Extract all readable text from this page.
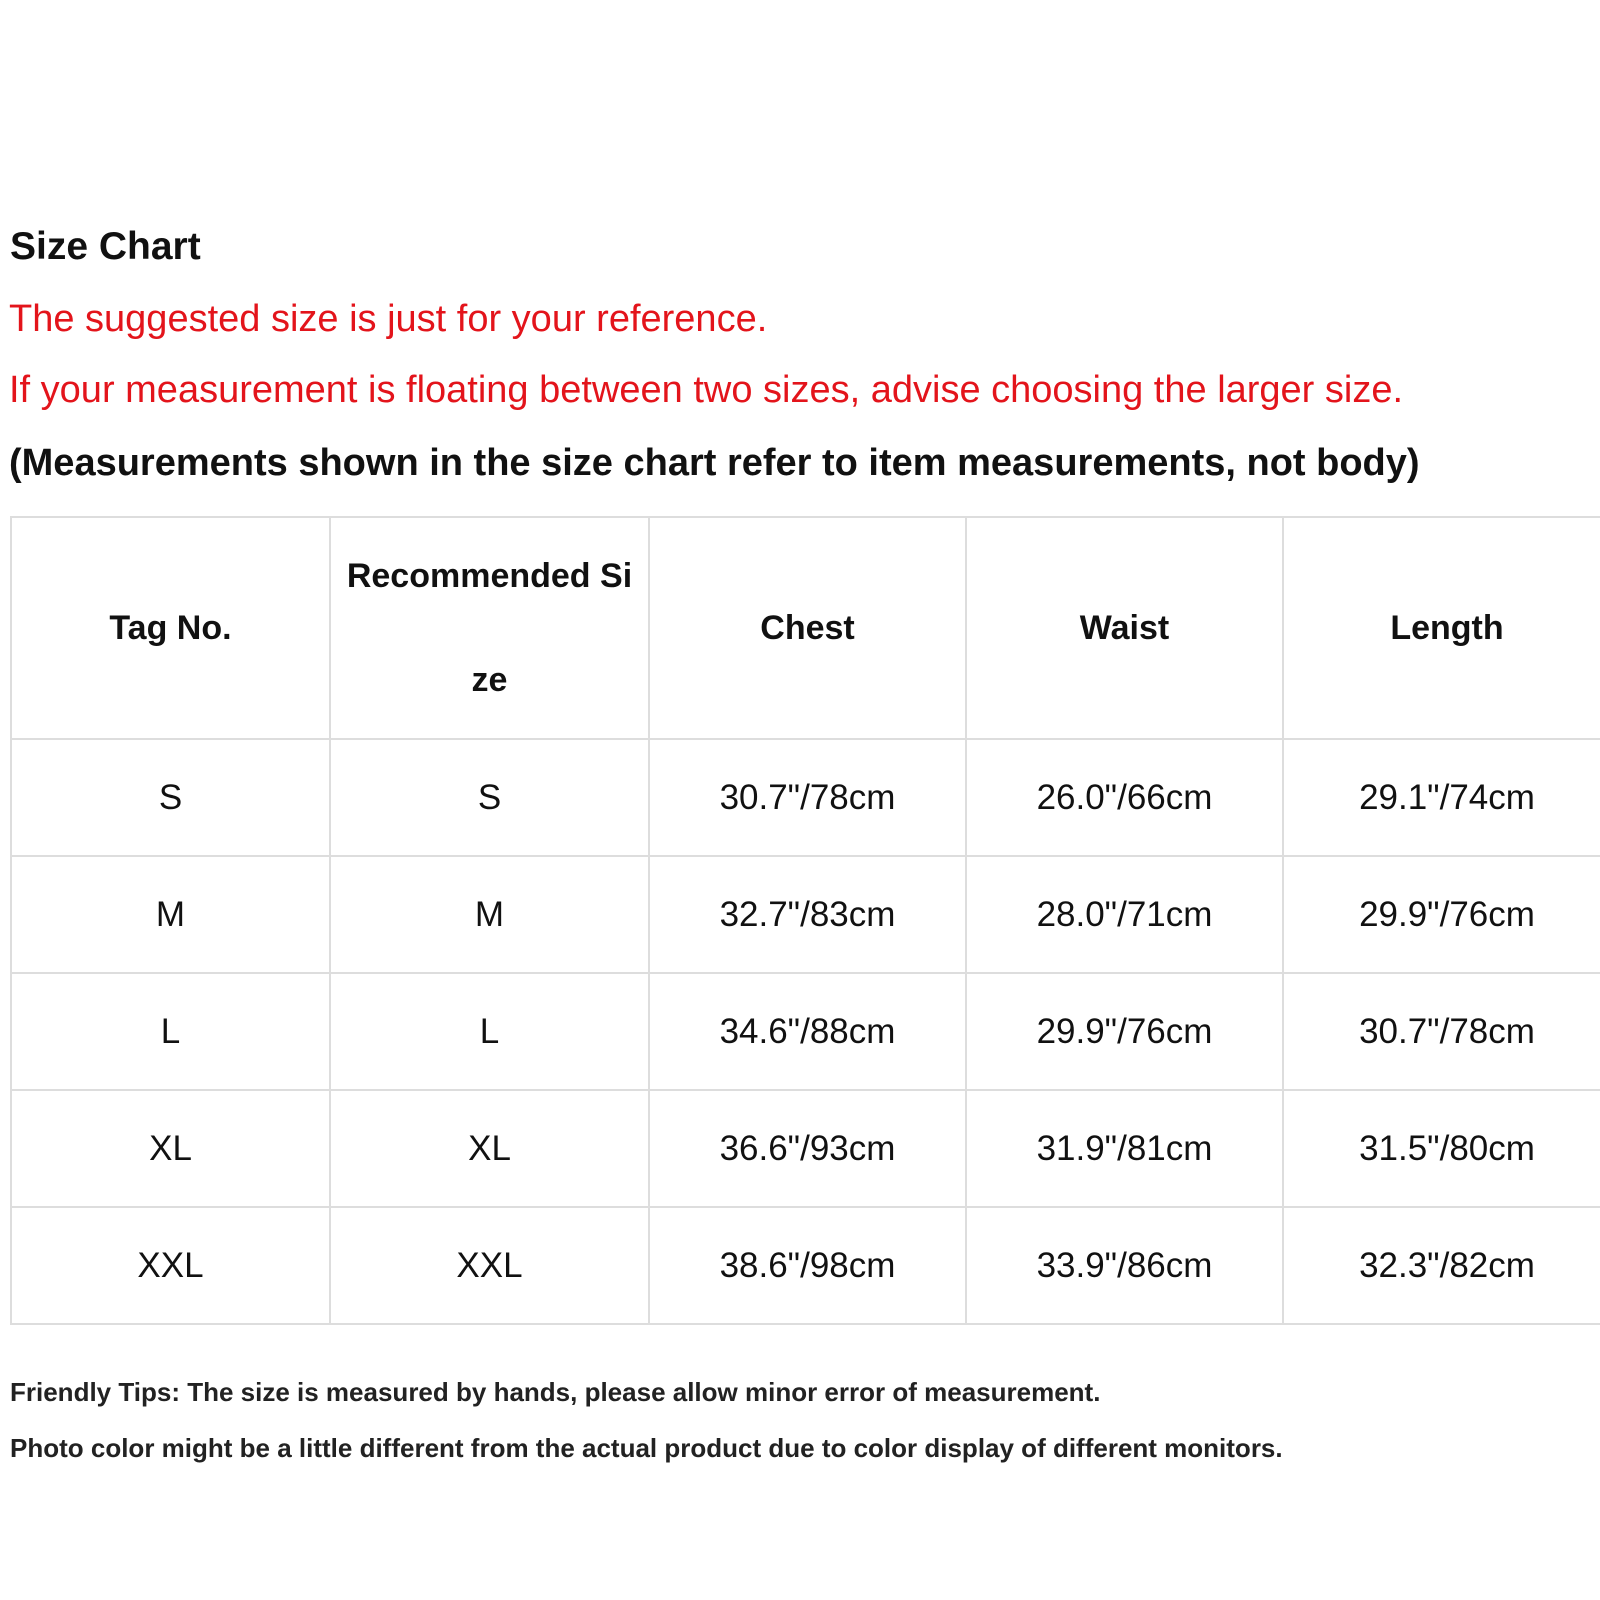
Size Chart
The suggested size is just for your reference.
If your measurement is floating between two sizes, advise choosing the larger size.
(Measurements shown in the size chart refer to item measurements, not body)
Tag No.	Recommended Size	Chest	Waist	Length
S	S	30.7"/78cm	26.0"/66cm	29.1"/74cm
M	M	32.7"/83cm	28.0"/71cm	29.9"/76cm
L	L	34.6"/88cm	29.9"/76cm	30.7"/78cm
XL	XL	36.6"/93cm	31.9"/81cm	31.5"/80cm
XXL	XXL	38.6"/98cm	33.9"/86cm	32.3"/82cm
Friendly Tips: The size is measured by hands, please allow minor error of measurement.
Photo color might be a little different from the actual product due to color display of different monitors.
